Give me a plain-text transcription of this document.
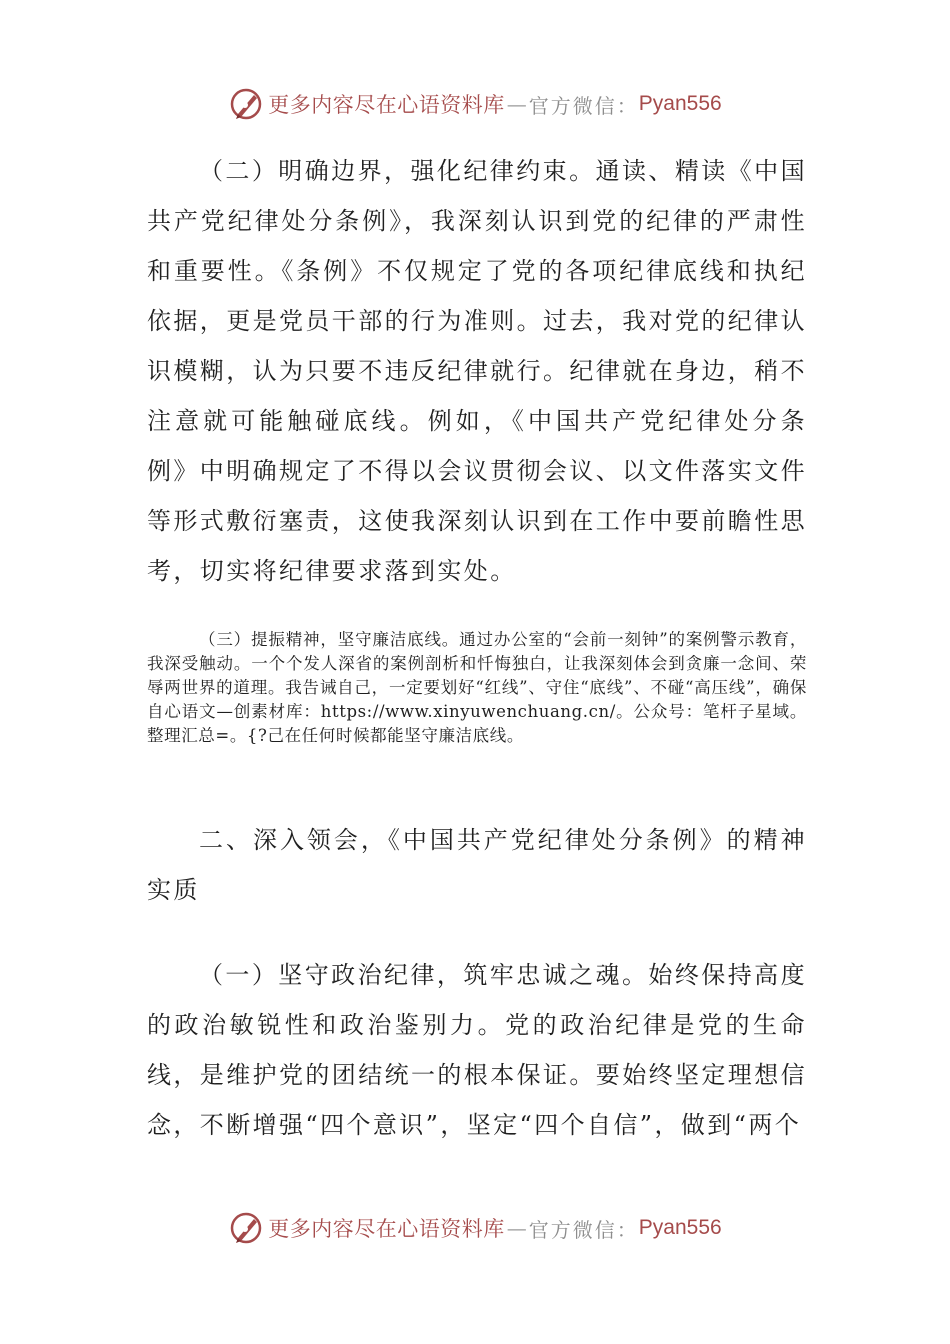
更多内容尽在心语资料库 — 官方微信： Pyan556

（二）明确边界，强化纪律约束。通读、精读《中国共产党纪律处分条例》，我深刻认识到党的纪律的严肃性和重要性。《条例》不仅规定了党的各项纪律底线和执纪依据，更是党员干部的行为准则。过去，我对党的纪律认识模糊，认为只要不违反纪律就行。纪律就在身边，稍不注意就可能触碰底线。例如，《中国共产党纪律处分条例》中明确规定了不得以会议贯彻会议、以文件落实文件等形式敷衍塞责，这使我深刻认识到在工作中要前瞻性思考，切实将纪律要求落到实处。

（三）提振精神，坚守廉洁底线。通过办公室的“会前一刻钟”的案例警示教育，我深受触动。一个个发人深省的案例剖析和忏悔独白，让我深刻体会到贪廉一念间、荣辱两世界的道理。我告诫自己，一定要划好“红线”、守住“底线”、不碰“高压线”，确保自心语文—创素材库：https://www.xinyuwenchuang.cn/。公众号：笔杆子星域。整理汇总=。{?己在任何时候都能坚守廉洁底线。

二、深入领会，《中国共产党纪律处分条例》的精神实质

（一）坚守政治纪律，筑牢忠诚之魂。始终保持高度的政治敏锐性和政治鉴别力。党的政治纪律是党的生命线，是维护党的团结统一的根本保证。要始终坚定理想信念，不断增强“四个意识”，坚定“四个自信”，做到“两个

更多内容尽在心语资料库 — 官方微信： Pyan556
